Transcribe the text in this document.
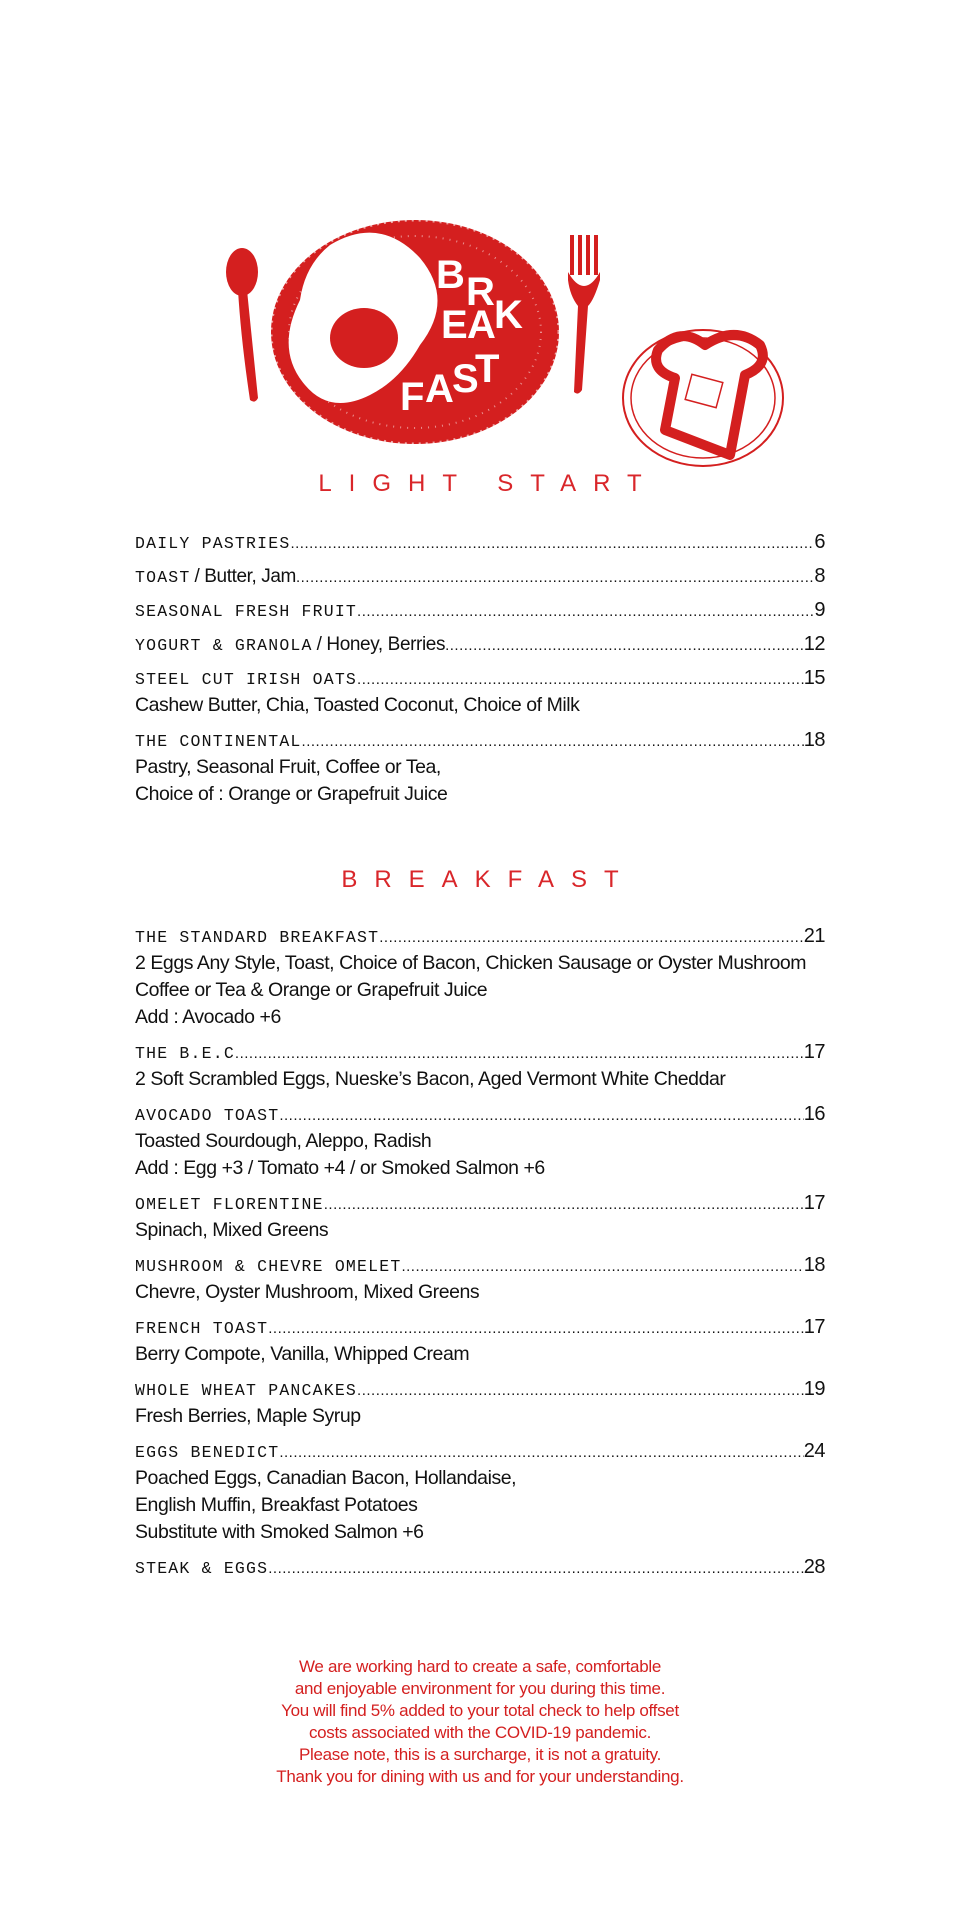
B R
E A
K
F A
S
T
LIGHT START
DAILY PASTRIES .....	6
TOAST / Butter, Jam .....	8
SEASONAL FRESH FRUIT .....	9
YOGURT & GRANOLA / Honey, Berries .....	12
STEEL CUT IRISH OATS .....	15
Cashew Butter, Chia, Toasted Coconut, Choice of Milk
THE CONTINENTAL .....	18
Pastry, Seasonal Fruit, Coffee or Tea,
Choice of : Orange or Grapefruit Juice
BREAKFAST
THE STANDARD BREAKFAST .....	21
2 Eggs Any Style, Toast, Choice of Bacon, Chicken Sausage or Oyster Mushroom
Coffee or Tea & Orange or Grapefruit Juice
Add : Avocado +6
THE B.E.C .....	17
2 Soft Scrambled Eggs, Nueske’s Bacon, Aged Vermont White Cheddar
AVOCADO TOAST .....	16
Toasted Sourdough, Aleppo, Radish
Add : Egg +3 / Tomato +4 / or Smoked Salmon +6
OMELET FLORENTINE .....	17
Spinach, Mixed Greens
MUSHROOM & CHEVRE OMELET .....	18
Chevre, Oyster Mushroom, Mixed Greens
FRENCH TOAST .....	17
Berry Compote, Vanilla, Whipped Cream
WHOLE WHEAT PANCAKES .....	19
Fresh Berries, Maple Syrup
EGGS BENEDICT .....	24
Poached Eggs, Canadian Bacon, Hollandaise,
English Muffin, Breakfast Potatoes
Substitute with Smoked Salmon +6
STEAK & EGGS .....	28
We are working hard to create a safe, comfortable
and enjoyable environment for you during this time.
You will find 5% added to your total check to help offset
costs associated with the COVID-19 pandemic.
Please note, this is a surcharge, it is not a gratuity.
Thank you for dining with us and for your understanding.
